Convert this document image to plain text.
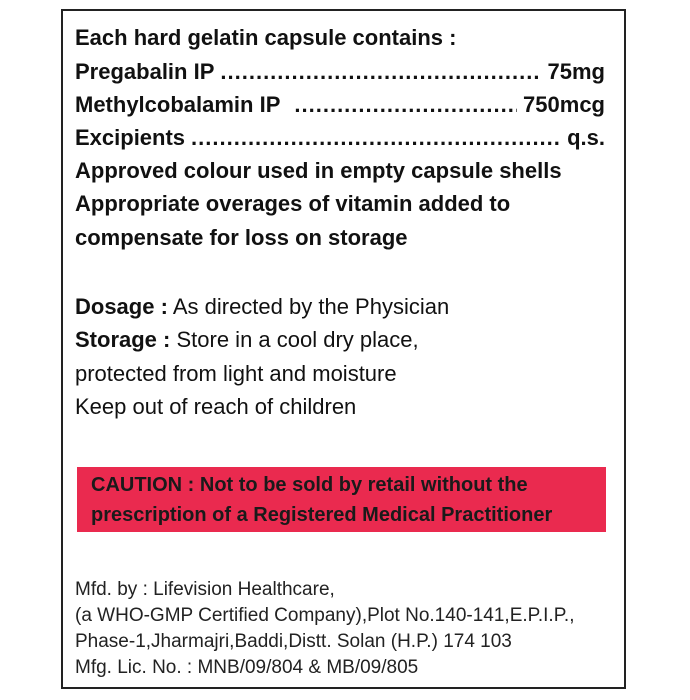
Each hard gelatin capsule contains :
Pregabalin IP .....	75mg
Methylcobalamin IP .....	750mcg
Excipients .....	q.s.
Approved colour used in empty capsule shells
Appropriate overages of vitamin added to
compensate for loss on storage
Dosage : As directed by the Physician
Storage : Store in a cool dry place,
protected from light and moisture
Keep out of reach of children
CAUTION : Not to be sold by retail without the
prescription of a Registered Medical Practitioner
Mfd. by : Lifevision Healthcare,
(a WHO-GMP Certified Company),Plot No.140-141,E.P.I.P.,
Phase-1,Jharmajri,Baddi,Distt. Solan (H.P.) 174 103
Mfg. Lic. No. : MNB/09/804 & MB/09/805
